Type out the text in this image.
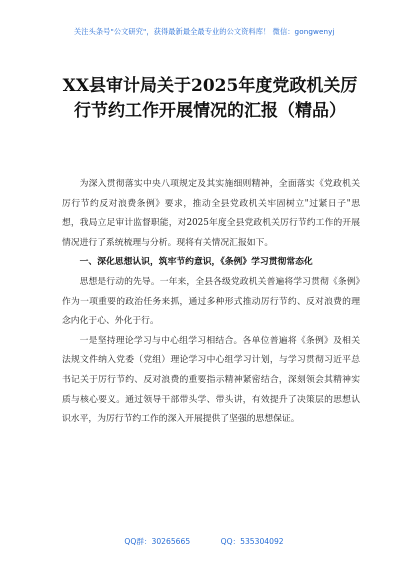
关注头条号"公文研究"，获得最新最全最专业的公文资料库！ 微信：gongwenyj
XX县审计局关于2025年度党政机关厉行节约工作开展情况的汇报（精品）

为深入贯彻落实中央八项规定及其实施细则精神，全面落实《党政机关厉行节约反对浪费条例》要求，推动全县党政机关牢固树立"过紧日子"思想，我局立足审计监督职能，对2025年度全县党政机关厉行节约工作的开展情况进行了系统梳理与分析。现将有关情况汇报如下。

一、深化思想认识，筑牢节约意识，《条例》学习贯彻常态化

思想是行动的先导。一年来，全县各级党政机关普遍将学习贯彻《条例》作为一项重要的政治任务来抓，通过多种形式推动厉行节约、反对浪费的理念内化于心、外化于行。

一是坚持理论学习与中心组学习相结合。各单位普遍将《条例》及相关法规文件纳入党委（党组）理论学习中心组学习计划，与学习贯彻习近平总书记关于厉行节约、反对浪费的重要指示精神紧密结合，深刻领会其精神实质与核心要义。通过领导干部带头学、带头讲，有效提升了决策层的思想认识水平，为厉行节约工作的深入开展提供了坚强的思想保证。

QQ群：30265665	QQ：535304092
